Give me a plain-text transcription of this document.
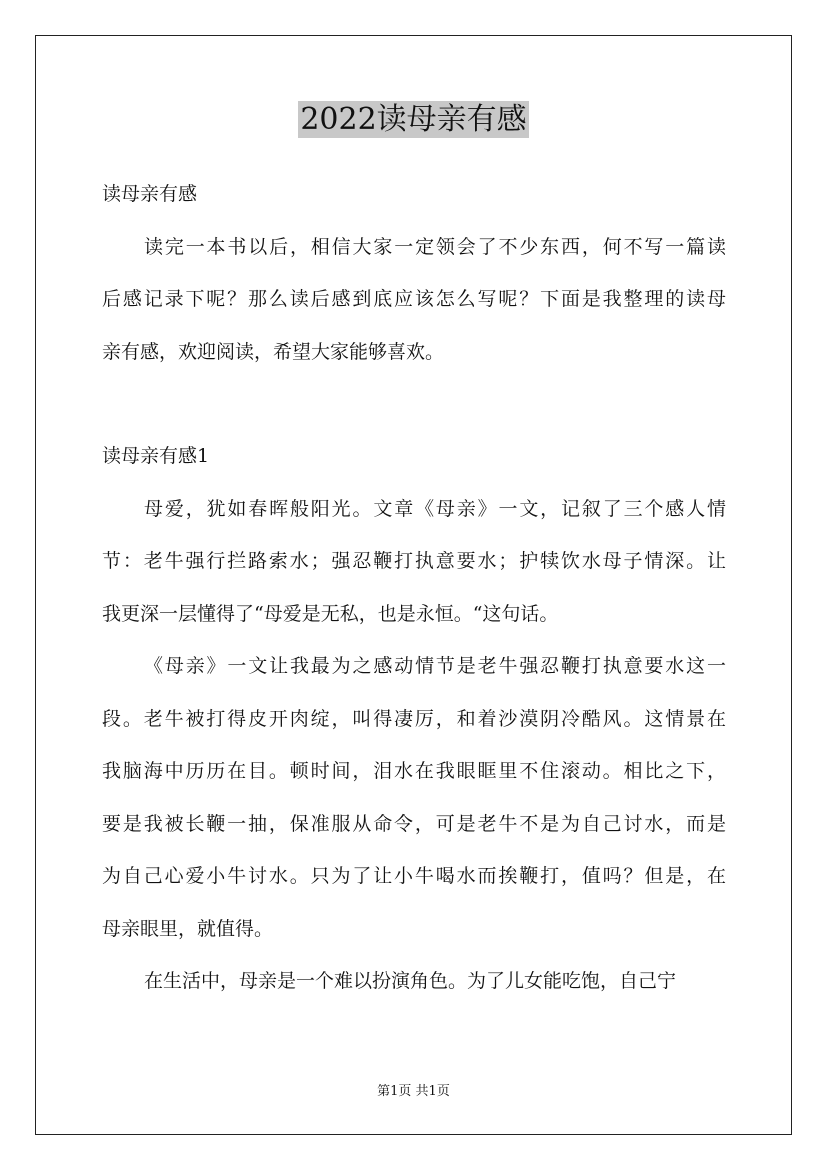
2022读母亲有感
读母亲有感
读完一本书以后，相信大家一定领会了不少东西，何不写一篇读
后感记录下呢？那么读后感到底应该怎么写呢？下面是我整理的读母
亲有感，欢迎阅读，希望大家能够喜欢。
读母亲有感1
母爱，犹如春晖般阳光。文章《母亲》一文，记叙了三个感人情
节：老牛强行拦路索水；强忍鞭打执意要水；护犊饮水母子情深。让
我更深一层懂得了“母爱是无私，也是永恒。“这句话。
《母亲》一文让我最为之感动情节是老牛强忍鞭打执意要水这一
段。老牛被打得皮开肉绽，叫得凄厉，和着沙漠阴冷酷风。这情景在
我脑海中历历在目。顿时间，泪水在我眼眶里不住滚动。相比之下，
要是我被长鞭一抽，保准服从命令，可是老牛不是为自己讨水，而是
为自己心爱小牛讨水。只为了让小牛喝水而挨鞭打，值吗？但是，在
母亲眼里，就值得。
在生活中，母亲是一个难以扮演角色。为了儿女能吃饱，自己宁
第1页 共1页
